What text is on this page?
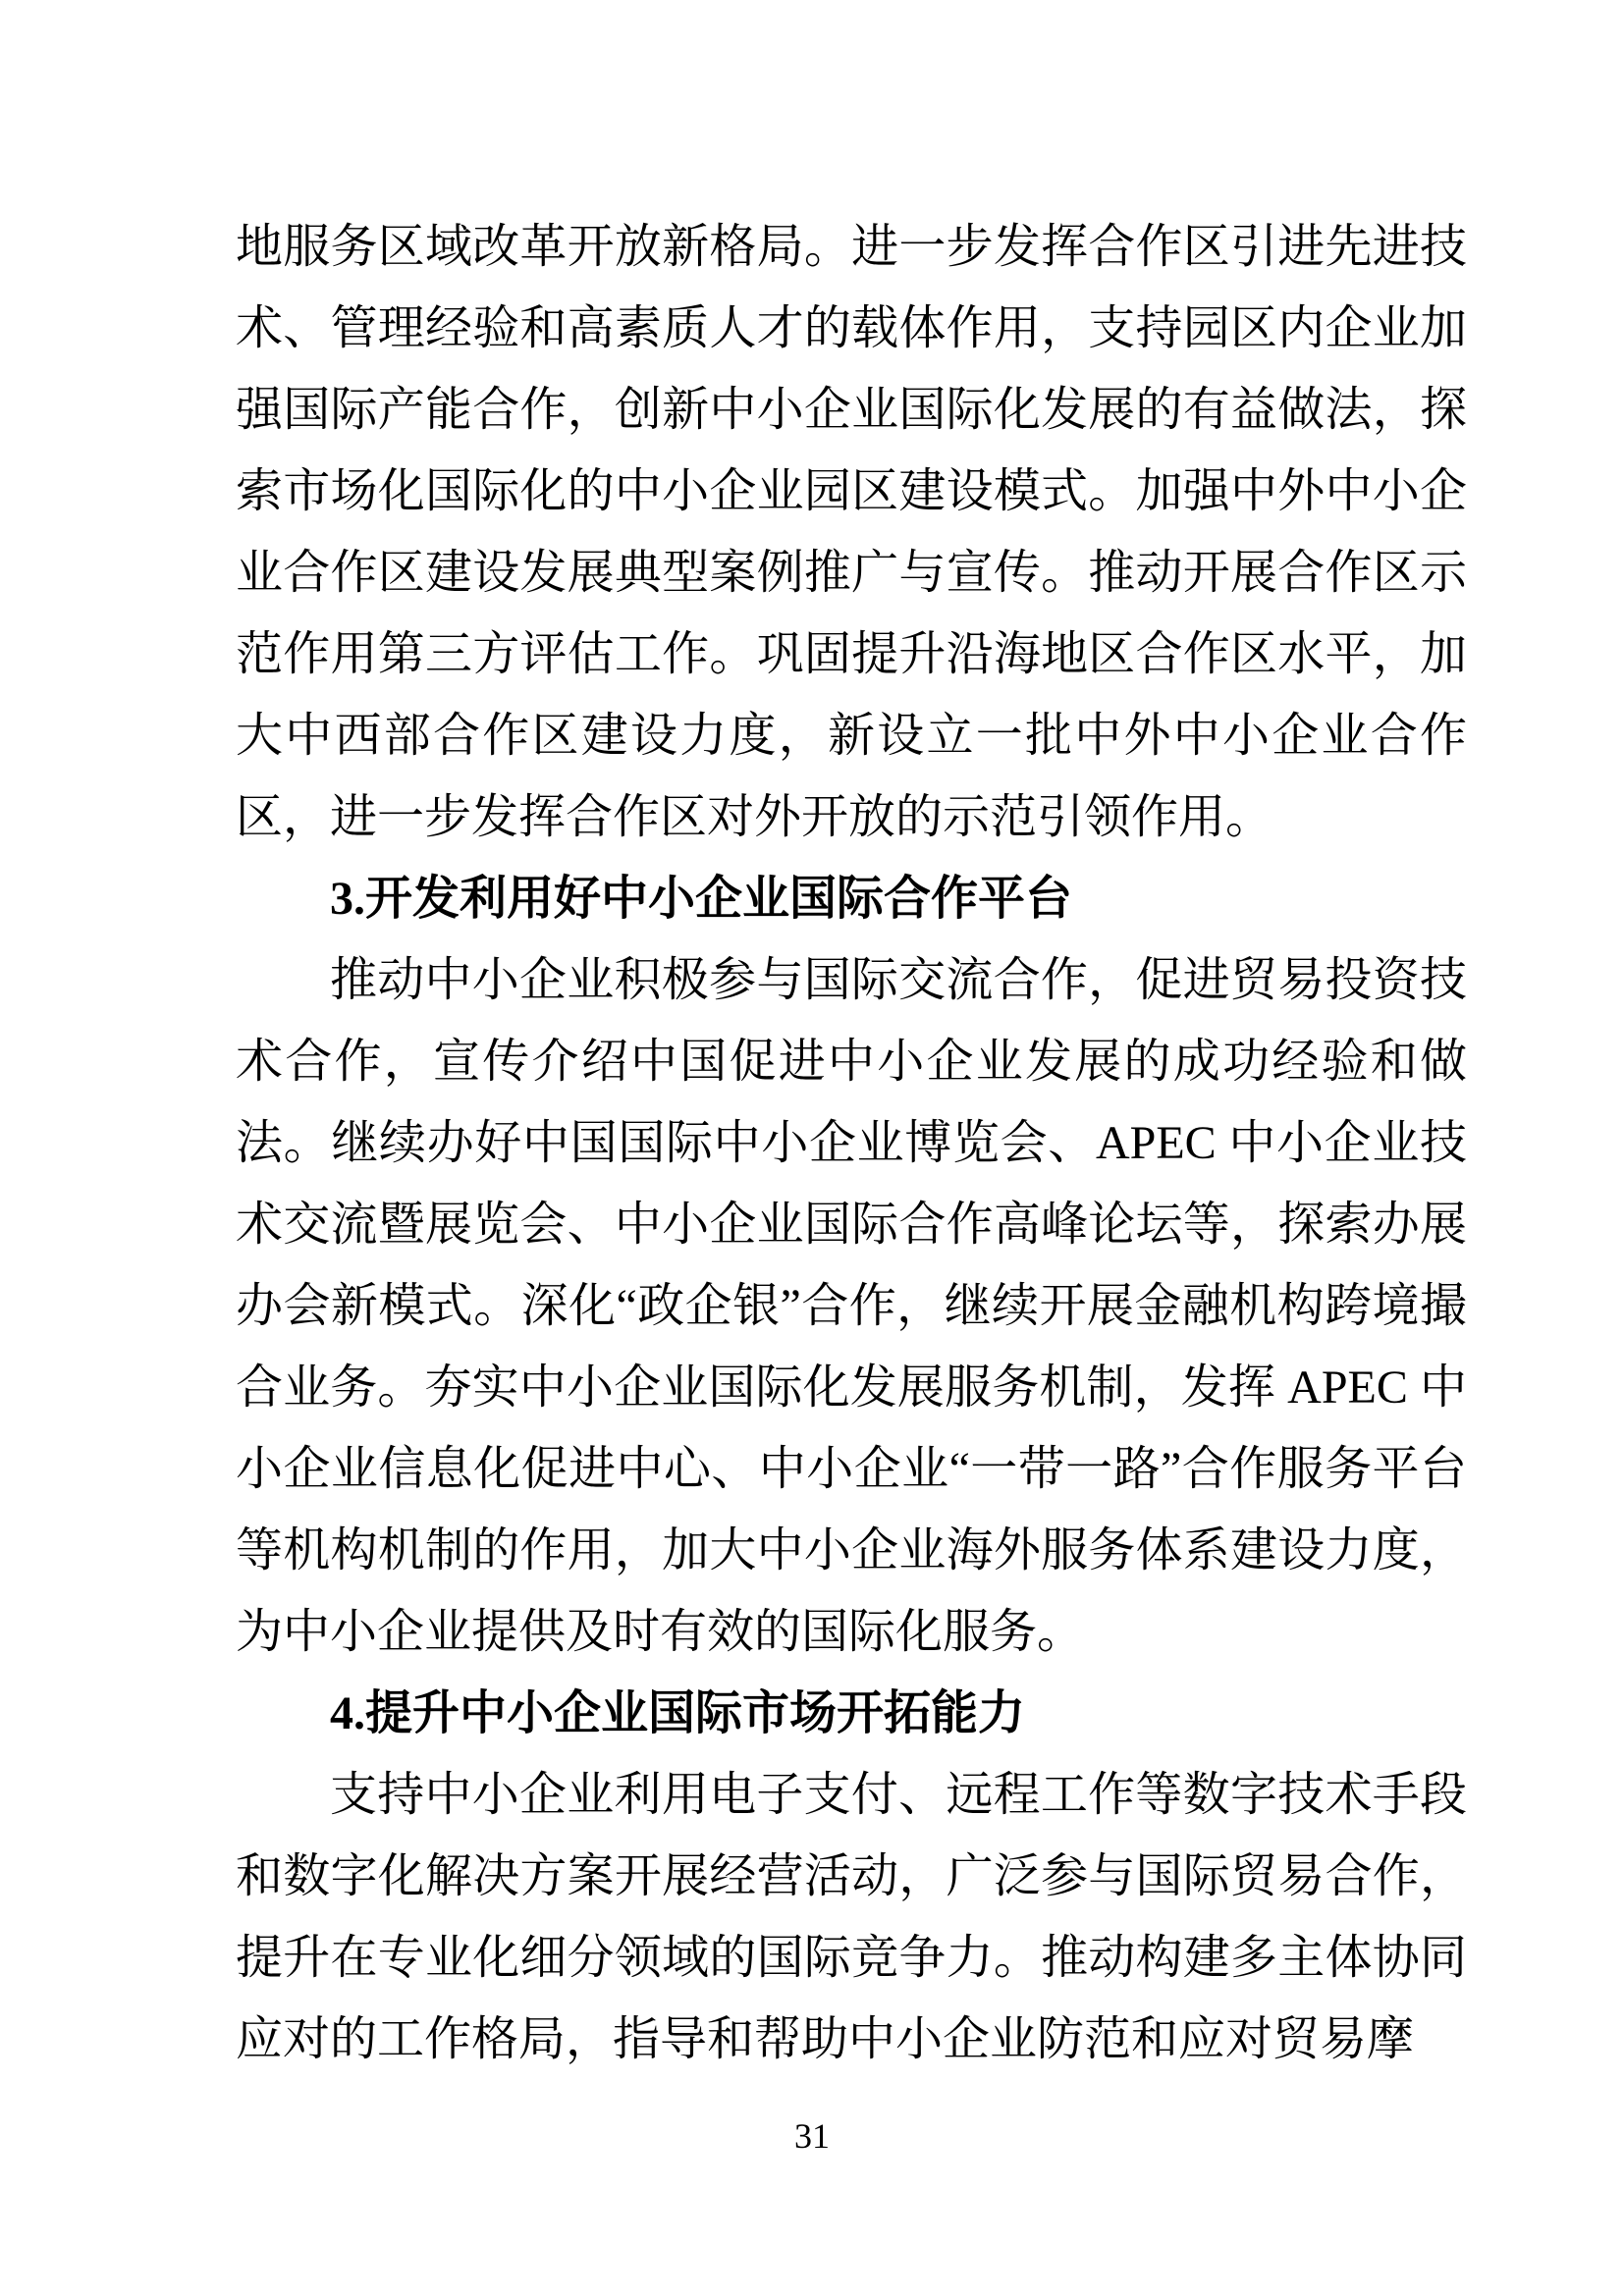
地服务区域改革开放新格局。进一步发挥合作区引进先进技术、管理经验和高素质人才的载体作用，支持园区内企业加强国际产能合作，创新中小企业国际化发展的有益做法，探索市场化国际化的中小企业园区建设模式。加强中外中小企业合作区建设发展典型案例推广与宣传。推动开展合作区示范作用第三方评估工作。巩固提升沿海地区合作区水平，加大中西部合作区建设力度，新设立一批中外中小企业合作区，进一步发挥合作区对外开放的示范引领作用。

3.开发利用好中小企业国际合作平台

推动中小企业积极参与国际交流合作，促进贸易投资技术合作，宣传介绍中国促进中小企业发展的成功经验和做法。继续办好中国国际中小企业博览会、APEC 中小企业技术交流暨展览会、中小企业国际合作高峰论坛等，探索办展办会新模式。深化“政企银”合作，继续开展金融机构跨境撮合业务。夯实中小企业国际化发展服务机制，发挥 APEC 中小企业信息化促进中心、中小企业“一带一路”合作服务平台等机构机制的作用，加大中小企业海外服务体系建设力度，为中小企业提供及时有效的国际化服务。

4.提升中小企业国际市场开拓能力

支持中小企业利用电子支付、远程工作等数字技术手段和数字化解决方案开展经营活动，广泛参与国际贸易合作，提升在专业化细分领域的国际竞争力。推动构建多主体协同应对的工作格局，指导和帮助中小企业防范和应对贸易摩

31
